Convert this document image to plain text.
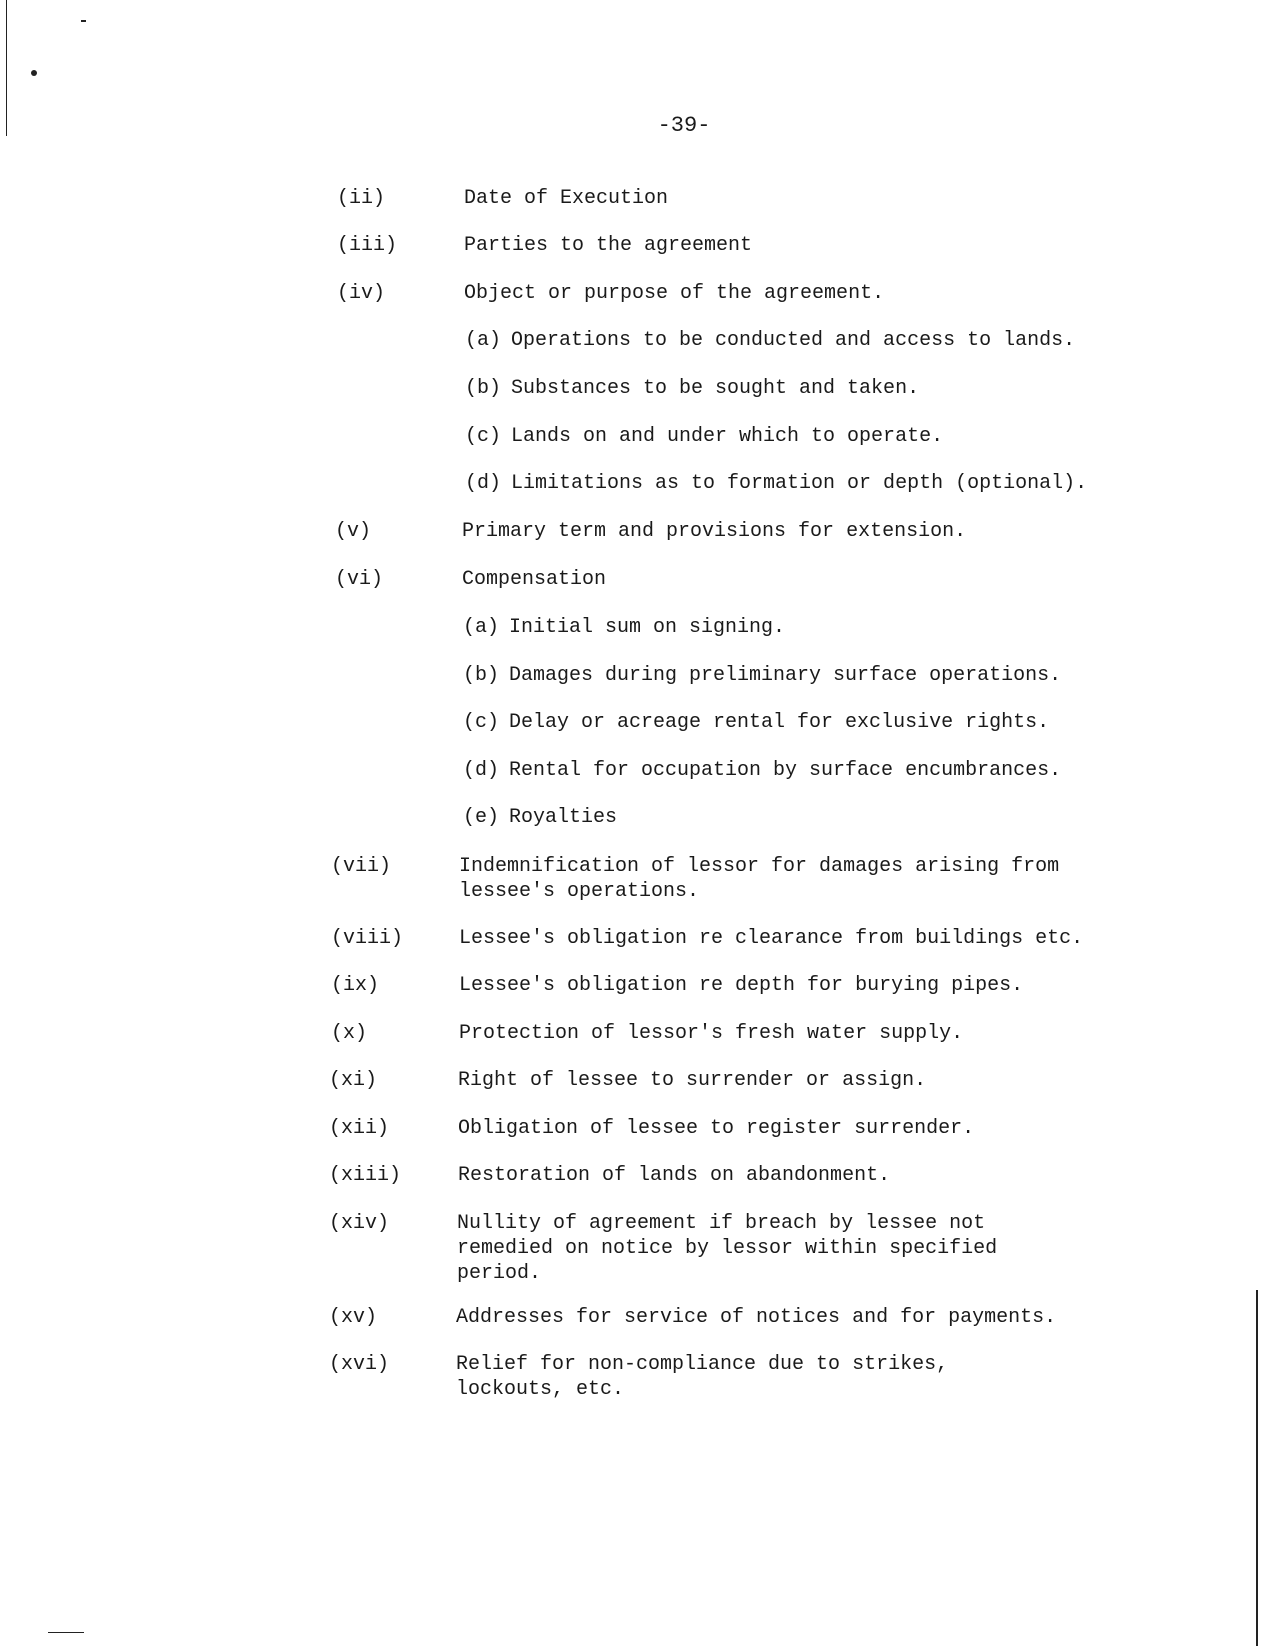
-39-
(ii)	Date of Execution
(iii)	Parties to the agreement
(iv)	Object or purpose of the agreement.
(a) Operations to be conducted and access to lands.
(b) Substances to be sought and taken.
(c) Lands on and under which to operate.
(d) Limitations as to formation or depth (optional).
(v)	Primary term and provisions for extension.
(vi)	Compensation
(a) Initial sum on signing.
(b) Damages during preliminary surface operations.
(c) Delay or acreage rental for exclusive rights.
(d) Rental for occupation by surface encumbrances.
(e) Royalties
(vii)	Indemnification of lessor for damages arising from
lessee's operations.
(viii)	Lessee's obligation re clearance from buildings etc.
(ix)	Lessee's obligation re depth for burying pipes.
(x)	Protection of lessor's fresh water supply.
(xi)	Right of lessee to surrender or assign.
(xii)	Obligation of lessee to register surrender.
(xiii)	Restoration of lands on abandonment.
(xiv)	Nullity of agreement if breach by lessee not
remedied on notice by lessor within specified
period.
(xv)	Addresses for service of notices and for payments.
(xvi)	Relief for non-compliance due to strikes,
lockouts, etc.
